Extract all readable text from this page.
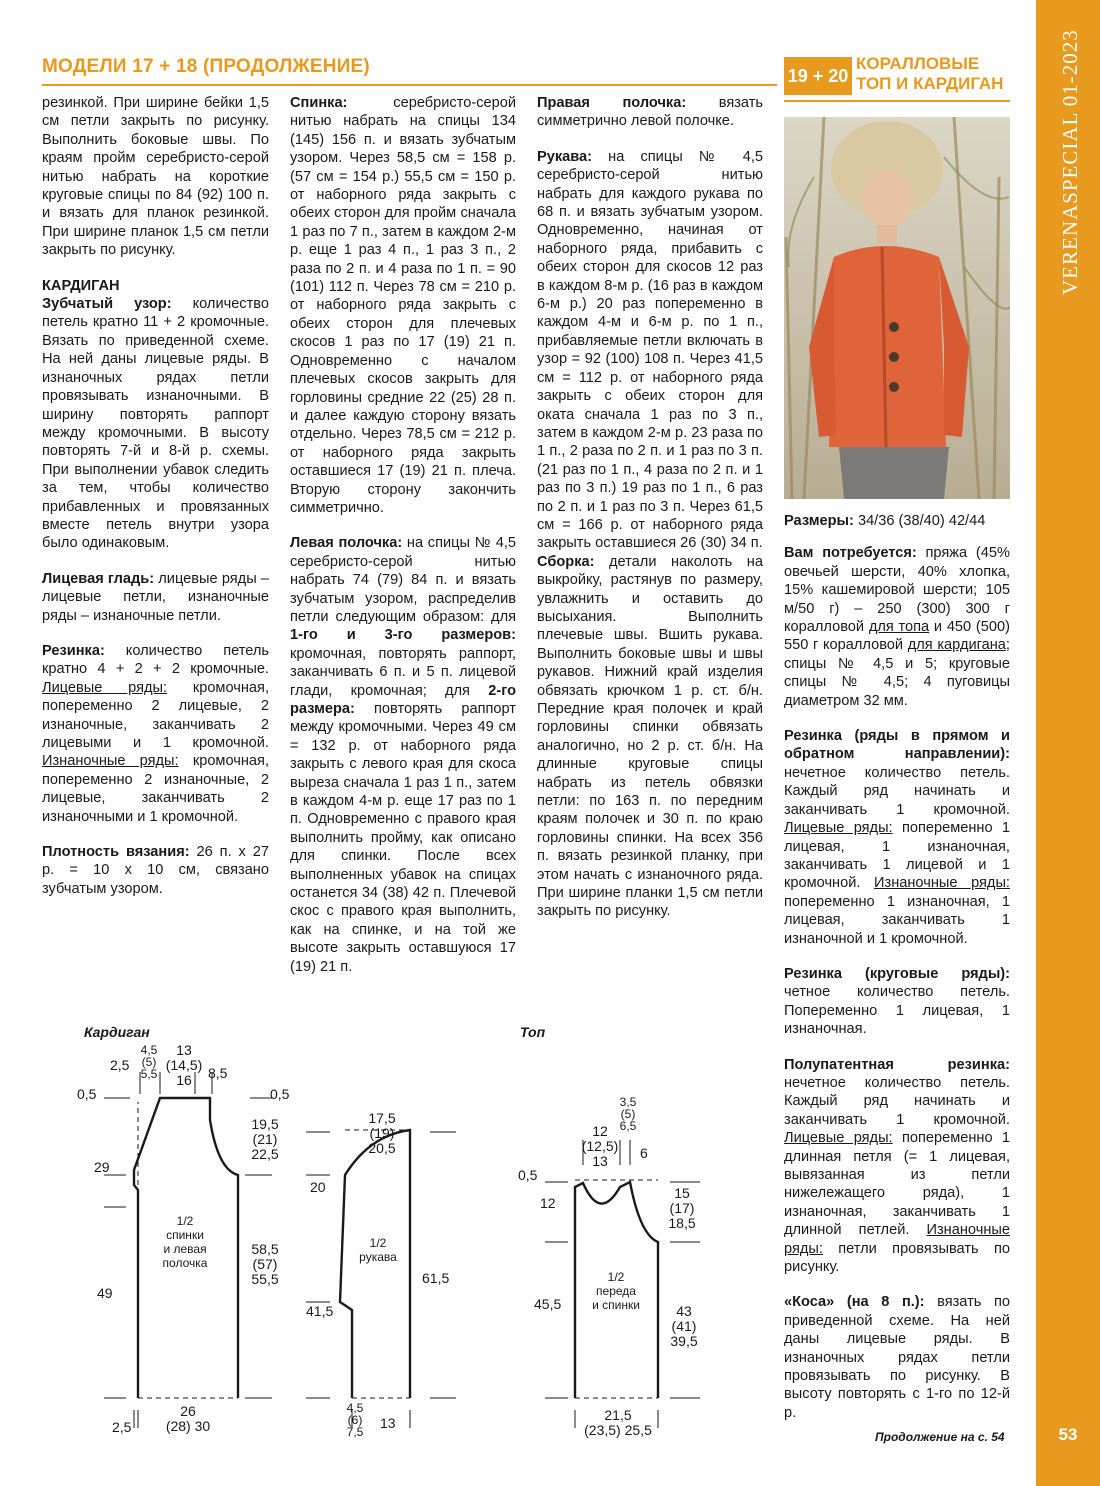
МОДЕЛИ 17 + 18 (ПРОДОЛЖЕНИЕ)	19 + 20
КОРАЛЛОВЫЕ
ТОП И КАРДИГАН	VERENASPECIAL 01-2023
53

резинкой. При ширине бейки 1,5 см петли закрыть по рисунку. Выполнить боковые швы. По краям пройм серебристо-серой нитью набрать на короткие круговые спицы по 84 (92) 100 п. и вязать для планок резинкой. При ширине планок 1,5 см петли закрыть по рисунку.

КАРДИГАН
Зубчатый узор: количество петель кратно 11 + 2 кромочные. Вязать по приведенной схеме. На ней даны лицевые ряды. В изнаночных рядах петли провязывать изнаночными. В ширину повторять раппорт между кромочными. В высоту повторять 7-й и 8-й р. схемы. При выполнении убавок следить за тем, чтобы количество прибавленных и провязанных вместе петель внутри узора было одинаковым.

Лицевая гладь: лицевые ряды – лицевые петли, изнаночные ряды – изнаночные петли.

Резинка: количество петель кратно 4 + 2 + 2 кромочные. Лицевые ряды: кромочная, попеременно 2 лицевые, 2 изнаночные, заканчивать 2 лицевыми и 1 кромочной. Изнаночные ряды: кромочная, попеременно 2 изнаночные, 2 лицевые, заканчивать 2 изнаночными и 1 кромочной.

Плотность вязания: 26 п. х 27 р. = 10 х 10 см, связано зубчатым узором.

Спинка:	серебристо-серой нитью набрать на спицы 134 (145) 156 п. и вязать зубчатым узором. Через 58,5 см = 158 р. (57 см = 154 р.) 55,5 см = 150 р. от наборного ряда закрыть с обеих сторон для пройм сначала 1 раз по 7 п., затем в каждом 2-м р. еще 1 раз 4 п., 1 раз 3 п., 2 раза по 2 п. и 4 раза по 1 п. = 90 (101) 112 п. Через 78 см = 210 р. от наборного ряда закрыть с обеих сторон для плечевых скосов 1 раз по 17 (19) 21 п. Одновременно с началом плечевых скосов закрыть для горловины средние 22 (25) 28 п. и далее каждую сторону вязать отдельно. Через 78,5 см = 212 р. от наборного ряда закрыть оставшиеся 17 (19) 21 п. плеча. Вторую сторону закончить симметрично.

Левая полочка: на спицы № 4,5 серебристо-серой нитью набрать 74 (79) 84 п. и вязать зубчатым узором, распределив петли следующим образом: для 1-го и 3-го размеров: кромочная, повторять раппорт, заканчивать 6 п. и 5 п. лицевой глади, кромочная; для 2-го размера: повторять раппорт между кромочными. Через 49 см = 132 р. от наборного ряда закрыть с левого края для скоса выреза сначала 1 раз 1 п., затем в каждом 4-м р. еще 17 раз по 1 п. Одновременно с правого края выполнить пройму, как описано для спинки. После всех выполненных убавок на спицах останется 34 (38) 42 п. Плечевой скос с правого края выполнить, как на спинке, и на той же высоте закрыть оставшуюся 17 (19) 21 п.

Правая полочка: вязать симметрично левой полочке.

Рукава: на спицы № 4,5 серебристо-серой нитью набрать для каждого рукава по 68 п. и вязать зубчатым узором. Одновременно, начиная от наборного ряда, прибавить с обеих сторон для скосов 12 раз в каждом 8-м р. (16 раз в каждом 6-м р.) 20 раз попеременно в каждом 4-м и 6-м р. по 1 п., прибавляемые петли включать в узор = 92 (100) 108 п. Через 41,5 см = 112 р. от наборного ряда закрыть с обеих сторон для оката сначала 1 раз по 3 п., затем в каждом 2-м р. 23 раза по 1 п., 2 раза по 2 п. и 1 раз по 3 п. (21 раз по 1 п., 4 раза по 2 п. и 1 раз по 3 п.) 19 раз по 1 п., 6 раз по 2 п. и 1 раз по 3 п. Через 61,5 см = 166 р. от наборного ряда закрыть оставшиеся 26 (30) 34 п.

Сборка: детали наколоть на выкройку, растянув по размеру, увлажнить и оставить до высыхания. Выполнить плечевые швы. Вшить рукава. Выполнить боковые швы и швы рукавов. Нижний край изделия обвязать крючком 1 р. ст. б/н. Передние края полочек и край горловины спинки обвязать аналогично, но 2 р. ст. б/н. На длинные круговые спицы набрать из петель обвязки петли: по 163 п. по передним краям полочек и 30 п. по краю горловины спинки. На всех 356 п. вязать резинкой планку, при этом начать с изнаночного ряда. При ширине планки 1,5 см петли закрыть по рисунку.

Размеры: 34/36 (38/40) 42/44

Вам потребуется: пряжа (45% овечьей шерсти, 40% хлопка, 15% кашемировой шерсти; 105 м/50 г) – 250 (300) 300 г коралловой для топа и 450 (500) 550 г коралловой для кардигана; спицы № 4,5 и 5; круговые спицы № 4,5; 4 пуговицы диаметром 32 мм.

Резинка (ряды в прямом и обратном направлении): нечетное количество петель. Каждый ряд начинать и заканчивать 1 кромочной. Лицевые ряды: попеременно 1 лицевая, 1 изнаночная, заканчивать 1 лицевой и 1 кромочной. Изнаночные ряды: попеременно 1 изнаночная, 1 лицевая, заканчивать 1 изнаночной и 1 кромочной.

Резинка (круговые ряды): четное количество петель. Попеременно 1 лицевая, 1 изнаночная.

Полупатентная резинка: нечетное количество петель. Каждый ряд начинать и заканчивать 1 кромочной. Лицевые ряды: попеременно 1 длинная петля (= 1 лицевая, вывязанная из петли нижележащего ряда), 1 изнаночная, заканчивать 1 длинной петлей. Изнаночные ряды: петли провязывать по рисунку.

«Коса» (на 8 п.): вязать по приведенной схеме. На ней даны лицевые ряды. В изнаночных рядах петли провязывать по рисунку. В высоту повторять с 1-го по 12-й р.

Продолжение на с. 54
Кардиган	Топ
2,5
4,5
(5)
5,5
13
(14,5)
16	8,5
0,5	0,5
19,5
(21)
22,5
29
1/2
спинки
и левая
полочка
58,5
(57)
55,5
49
26
(28) 30
2,5
17,5
(19)
20,5
20
1/2
рукава
61,5
41,5
4,5
(6)
7,5
13
3,5
(5)
6,5
12
(12,5)
13	6
0,5
12
15
(17)
18,5
1/2
переда
и спинки
45,5	43
(41)
39,5
21,5
(23,5) 25,5
